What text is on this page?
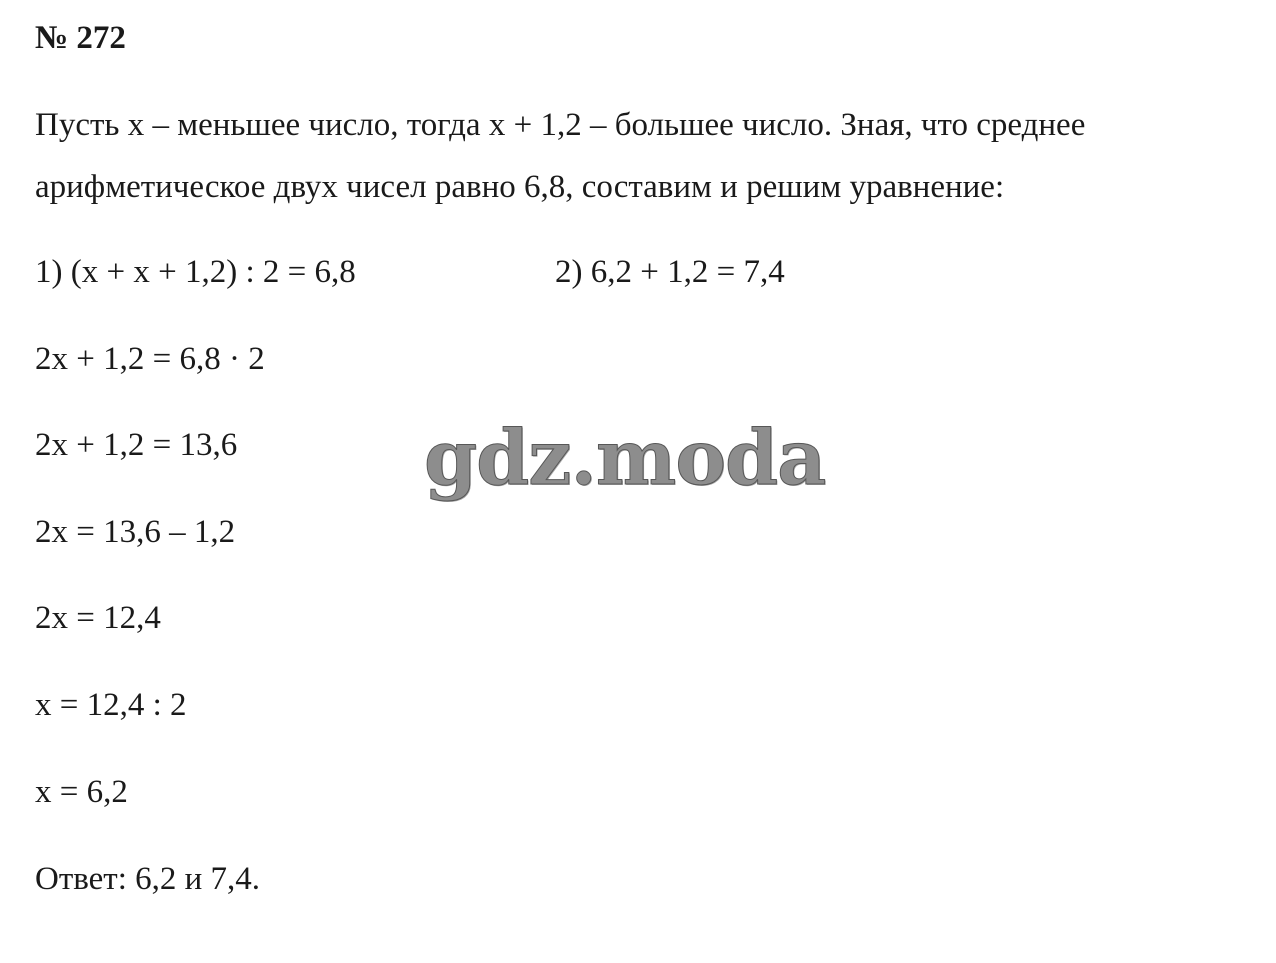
№ 272
Пусть х – меньшее число, тогда х + 1,2 – большее число. Зная, что среднее
арифметическое двух чисел равно 6,8, составим и решим уравнение:
1) (х + х + 1,2) : 2 = 6,8	2) 6,2 + 1,2 = 7,4
2х + 1,2 = 6,8 · 2
2х + 1,2 = 13,6
2х = 13,6 – 1,2
2х = 12,4
х = 12,4 : 2
х = 6,2
Ответ: 6,2 и 7,4.
gdz.moda
